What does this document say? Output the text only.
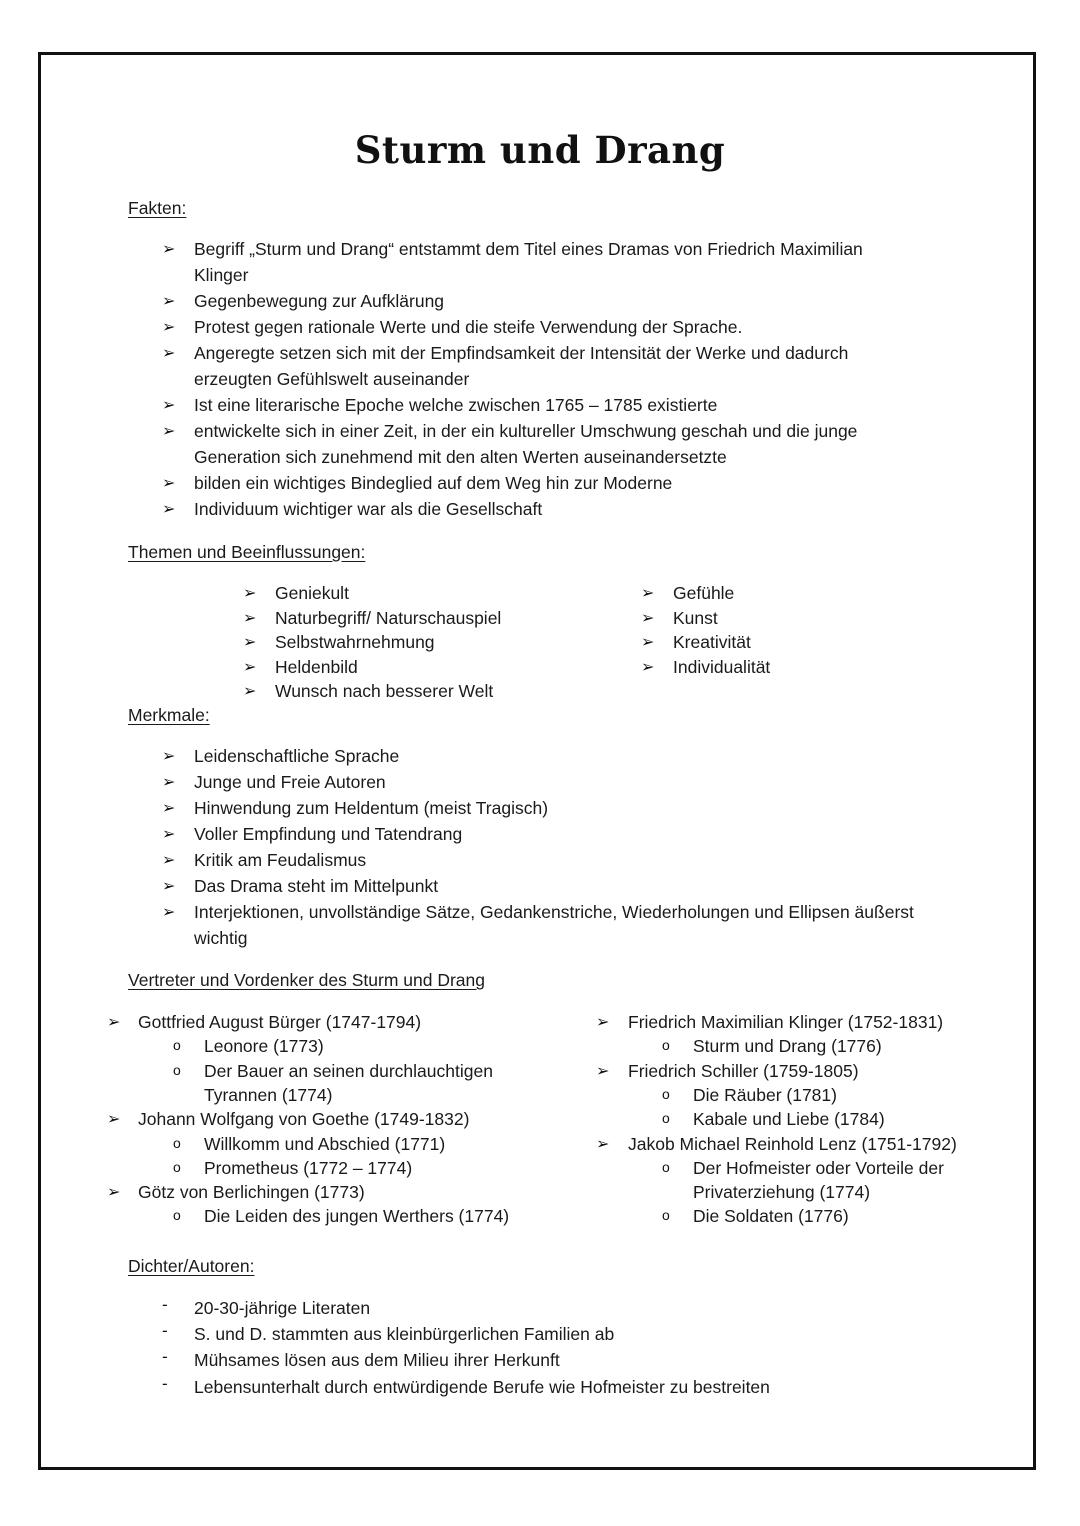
Sturm und Drang
Fakten:
➢ Begriff „Sturm und Drang“ entstammt dem Titel eines Dramas von Friedrich Maximilian
Klinger
➢ Gegenbewegung zur Aufklärung
➢ Protest gegen rationale Werte und die steife Verwendung der Sprache.
➢ Angeregte setzen sich mit der Empfindsamkeit der Intensität der Werke und dadurch
erzeugten Gefühlswelt auseinander
➢ Ist eine literarische Epoche welche zwischen 1765 – 1785 existierte
➢ entwickelte sich in einer Zeit, in der ein kultureller Umschwung geschah und die junge
Generation sich zunehmend mit den alten Werten auseinandersetzte
➢ bilden ein wichtiges Bindeglied auf dem Weg hin zur Moderne
➢ Individuum wichtiger war als die Gesellschaft
Themen und Beeinflussungen:
➢ Geniekult
➢ Naturbegriff/ Naturschauspiel
➢ Selbstwahrnehmung
➢ Heldenbild
➢ Wunsch nach besserer Welt
➢ Gefühle
➢ Kunst
➢ Kreativität
➢ Individualität
Merkmale:
➢ Leidenschaftliche Sprache
➢ Junge und Freie Autoren
➢ Hinwendung zum Heldentum (meist Tragisch)
➢ Voller Empfindung und Tatendrang
➢ Kritik am Feudalismus
➢ Das Drama steht im Mittelpunkt
➢ Interjektionen, unvollständige Sätze, Gedankenstriche, Wiederholungen und Ellipsen äußerst
wichtig
Vertreter und Vordenker des Sturm und Drang
➢ Gottfried August Bürger (1747-1794)
o Leonore (1773)
o Der Bauer an seinen durchlauchtigen
Tyrannen (1774)
➢ Johann Wolfgang von Goethe (1749-1832)
o Willkomm und Abschied (1771)
o Prometheus (1772 – 1774)
➢ Götz von Berlichingen (1773)
o Die Leiden des jungen Werthers (1774)
➢ Friedrich Maximilian Klinger (1752-1831)
o Sturm und Drang (1776)
➢ Friedrich Schiller (1759-1805)
o Die Räuber (1781)
o Kabale und Liebe (1784)
➢ Jakob Michael Reinhold Lenz (1751-1792)
o Der Hofmeister oder Vorteile der
Privaterziehung (1774)
o Die Soldaten (1776)
Dichter/Autoren:
- 20-30-jährige Literaten
- S. und D. stammten aus kleinbürgerlichen Familien ab
- Mühsames lösen aus dem Milieu ihrer Herkunft
- Lebensunterhalt durch entwürdigende Berufe wie Hofmeister zu bestreiten
